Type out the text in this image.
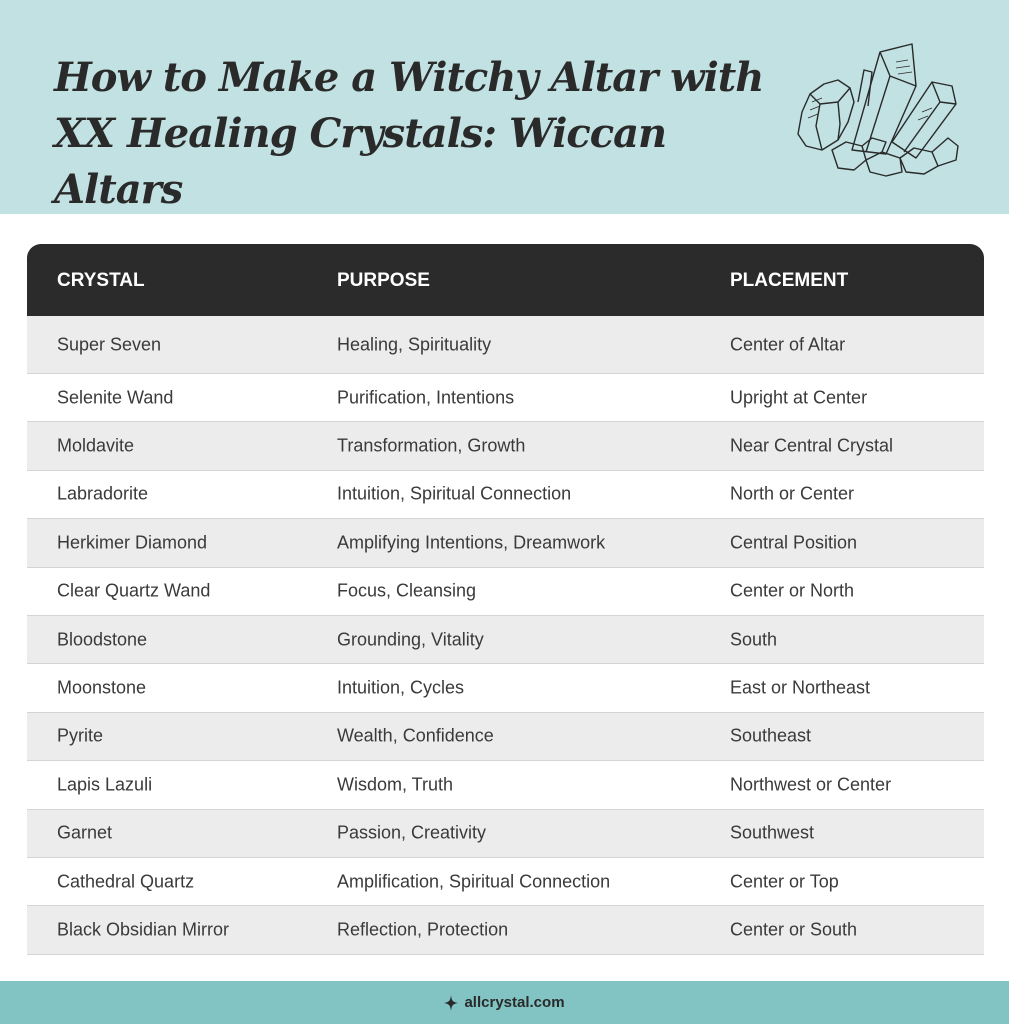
How to Make a Witchy Altar with
XX Healing Crystals: Wiccan Altars
CRYSTAL	PURPOSE	PLACEMENT
Super Seven	Healing, Spirituality	Center of Altar
Selenite Wand	Purification, Intentions	Upright at Center
Moldavite	Transformation, Growth	Near Central Crystal
Labradorite	Intuition, Spiritual Connection	North or Center
Herkimer Diamond	Amplifying Intentions, Dreamwork	Central Position
Clear Quartz Wand	Focus, Cleansing	Center or North
Bloodstone	Grounding, Vitality	South
Moonstone	Intuition, Cycles	East or Northeast
Pyrite	Wealth, Confidence	Southeast
Lapis Lazuli	Wisdom, Truth	Northwest or Center
Garnet	Passion, Creativity	Southwest
Cathedral Quartz	Amplification, Spiritual Connection	Center or Top
Black Obsidian Mirror	Reflection, Protection	Center or South
allcrystal.com
